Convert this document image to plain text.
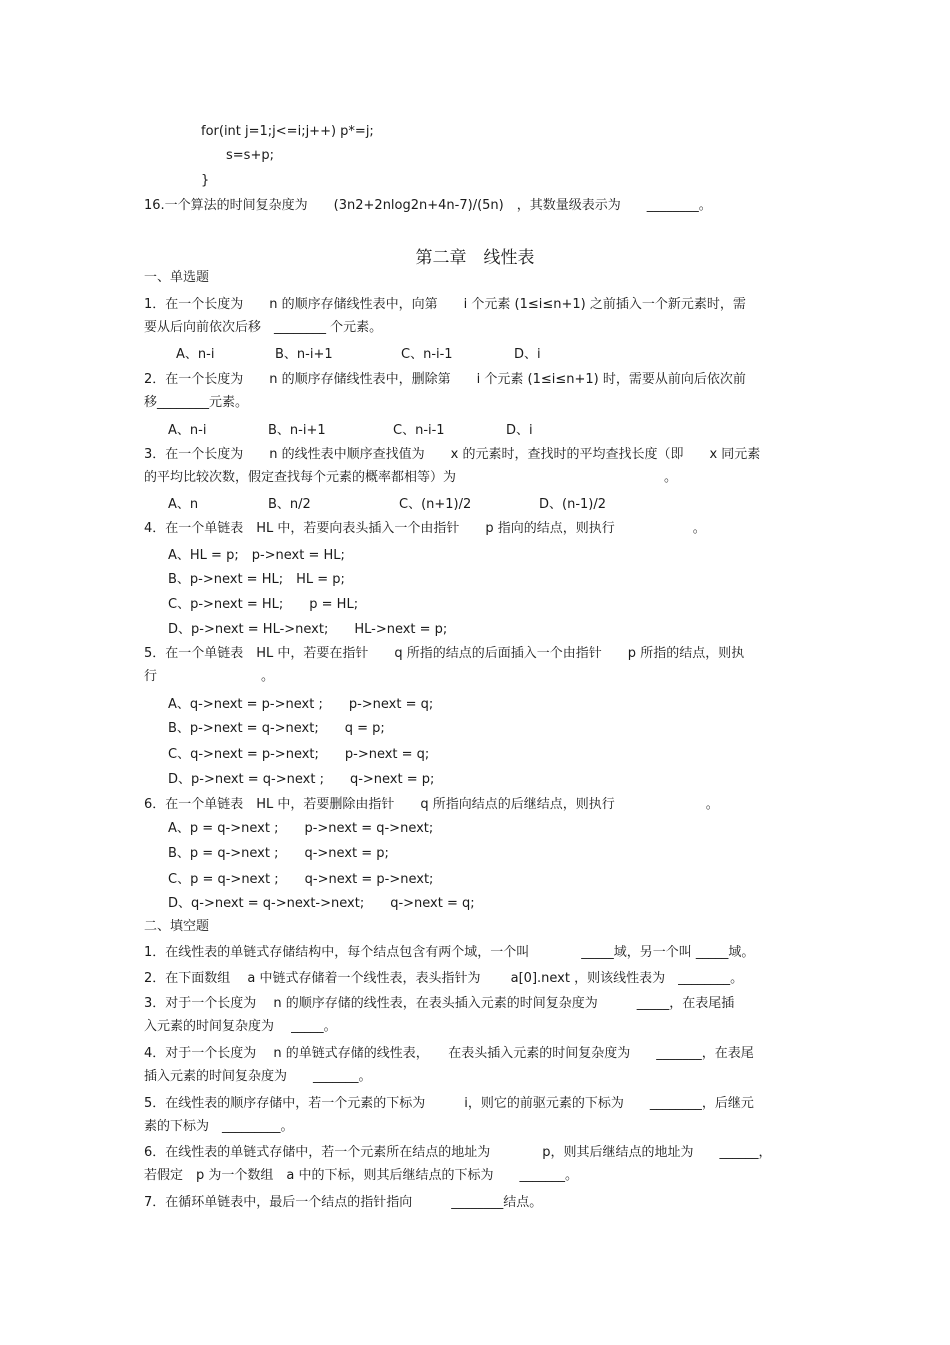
for(int j=1;j<=i;j++) p*=j;
s=s+p;
}
16.一个算法的时间复杂度为　　(3n2+2nlog2n+4n-7)/(5n)　，其数量级表示为　　________。
第二章　线性表
一、单选题
1．在一个长度为　　n 的顺序存储线性表中，向第　　i 个元素 (1≤i≤n+1) 之前插入一个新元素时，需
要从后向前依次后移　________ 个元素。
A、n-i	B、n-i+1	C、n-i-1	D、i
2．在一个长度为　　n 的顺序存储线性表中，删除第　　i 个元素 (1≤i≤n+1) 时，需要从前向后依次前
移________元素。
A、n-i	B、n-i+1	C、n-i-1	D、i
3．在一个长度为　　n 的线性表中顺序查找值为　　x 的元素时，查找时的平均查找长度（即　　x 同元素
的平均比较次数，假定查找每个元素的概率都相等）为　　　　　　　　　　　　　　　　。
A、n	B、n/2	C、(n+1)/2	D、(n-1)/2
4．在一个单链表　HL 中，若要向表头插入一个由指针　　p 指向的结点，则执行　　　　　　。
A、HL = p;　p->next = HL;
B、p->next = HL;　HL = p;
C、p->next = HL;　　p = HL;
D、p->next = HL->next;　　HL->next = p;
5．在一个单链表　HL 中，若要在指针　　q 所指的结点的后面插入一个由指针　　p 所指的结点，则执
行　　　　　　　　。
A、q->next = p->next ;　　p->next = q;
B、p->next = q->next;　　q = p;
C、q->next = p->next;　　p->next = q;
D、p->next = q->next ;　　q->next = p;
6．在一个单链表　HL 中，若要删除由指针　　q 所指向结点的后继结点，则执行　　　　　　　。
A、p = q->next ;　　p->next = q->next;
B、p = q->next ;　　q->next = p;
C、p = q->next ;　　q->next = p->next;
D、q->next = q->next->next;　　q->next = q;
二、填空题
1．在线性表的单链式存储结构中，每个结点包含有两个域，一个叫　　　　_____域，另一个叫 _____域。
2．在下面数组　 a 中链式存储着一个线性表，表头指针为　　 a[0].next ，则该线性表为　________。
3．对于一个长度为　 n 的顺序存储的线性表，在表头插入元素的时间复杂度为　　　_____，在表尾插
入元素的时间复杂度为　 _____。
4．对于一个长度为　 n 的单链式存储的线性表，　　在表头插入元素的时间复杂度为　　_______，在表尾
插入元素的时间复杂度为　　_______。
5．在线性表的顺序存储中，若一个元素的下标为　　　i，则它的前驱元素的下标为　　________，后继元
素的下标为　_________。
6．在线性表的单链式存储中，若一个元素所在结点的地址为　　　　p，则其后继结点的地址为　　______，
若假定　p 为一个数组　a 中的下标，则其后继结点的下标为　　_______。
7．在循环单链表中，最后一个结点的指针指向　　　________结点。
